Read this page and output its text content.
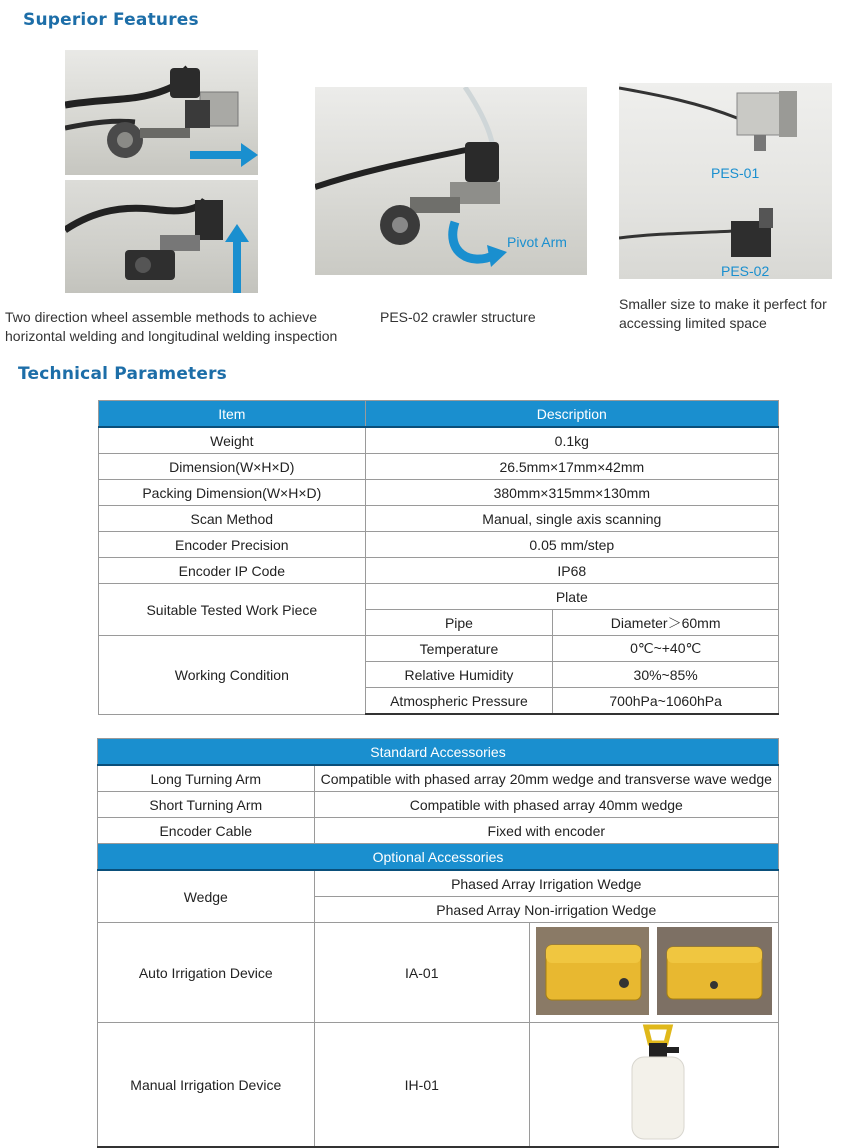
Superior Features
Pivot Arm
PES-01
PES-02
Two direction wheel assemble methods to achieve horizontal welding and longitudinal welding inspection
PES-02 crawler structure
Smaller size to make it perfect for accessing limited space
Technical Parameters
Item	Description	
Weight	0.1kg	
Dimension(W×H×D)	26.5mm×17mm×42mm	
Packing Dimension(W×H×D)	380mm×315mm×130mm	
Scan Method	Manual, single axis scanning	
Encoder Precision	0.05 mm/step	
Encoder IP Code	IP68	
Suitable Tested Work Piece	Plate	
	Pipe	Diameter＞60mm
Working Condition	Temperature	0℃~+40℃
	Relative Humidity	30%~85%
	Atmospheric Pressure	700hPa~1060hPa
Standard Accessories		
Long Turning Arm	Compatible with phased array 20mm wedge and transverse wave wedge	
Short Turning Arm	Compatible with phased array 40mm wedge	
Encoder Cable	Fixed with encoder	
Optional Accessories		
Wedge	Phased Array Irrigation Wedge	
	Phased Array Non-irrigation Wedge	
Auto Irrigation Device	IA-01	
Manual Irrigation Device	IH-01	
